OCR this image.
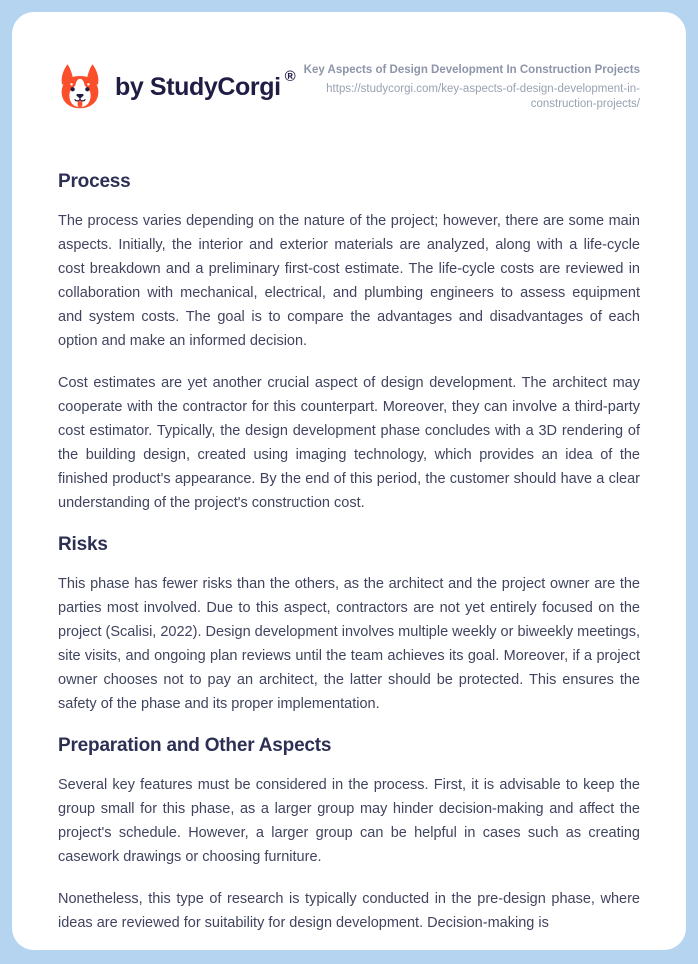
by StudyCorgi ® Key Aspects of Design Development In Construction Projects
https://studycorgi.com/key-aspects-of-design-development-in-construction-projects/
Process

The process varies depending on the nature of the project; however, there are some main aspects. Initially, the interior and exterior materials are analyzed, along with a life-cycle cost breakdown and a preliminary first-cost estimate. The life-cycle costs are reviewed in collaboration with mechanical, electrical, and plumbing engineers to assess equipment and system costs. The goal is to compare the advantages and disadvantages of each option and make an informed decision.

Cost estimates are yet another crucial aspect of design development. The architect may cooperate with the contractor for this counterpart. Moreover, they can involve a third-party cost estimator. Typically, the design development phase concludes with a 3D rendering of the building design, created using imaging technology, which provides an idea of the finished product's appearance. By the end of this period, the customer should have a clear understanding of the project's construction cost.

Risks

This phase has fewer risks than the others, as the architect and the project owner are the parties most involved. Due to this aspect, contractors are not yet entirely focused on the project (Scalisi, 2022). Design development involves multiple weekly or biweekly meetings, site visits, and ongoing plan reviews until the team achieves its goal. Moreover, if a project owner chooses not to pay an architect, the latter should be protected. This ensures the safety of the phase and its proper implementation.

Preparation and Other Aspects

Several key features must be considered in the process. First, it is advisable to keep the group small for this phase, as a larger group may hinder decision-making and affect the project's schedule. However, a larger group can be helpful in cases such as creating casework drawings or choosing furniture.

Nonetheless, this type of research is typically conducted in the pre-design phase, where ideas are reviewed for suitability for design development. Decision-making is
